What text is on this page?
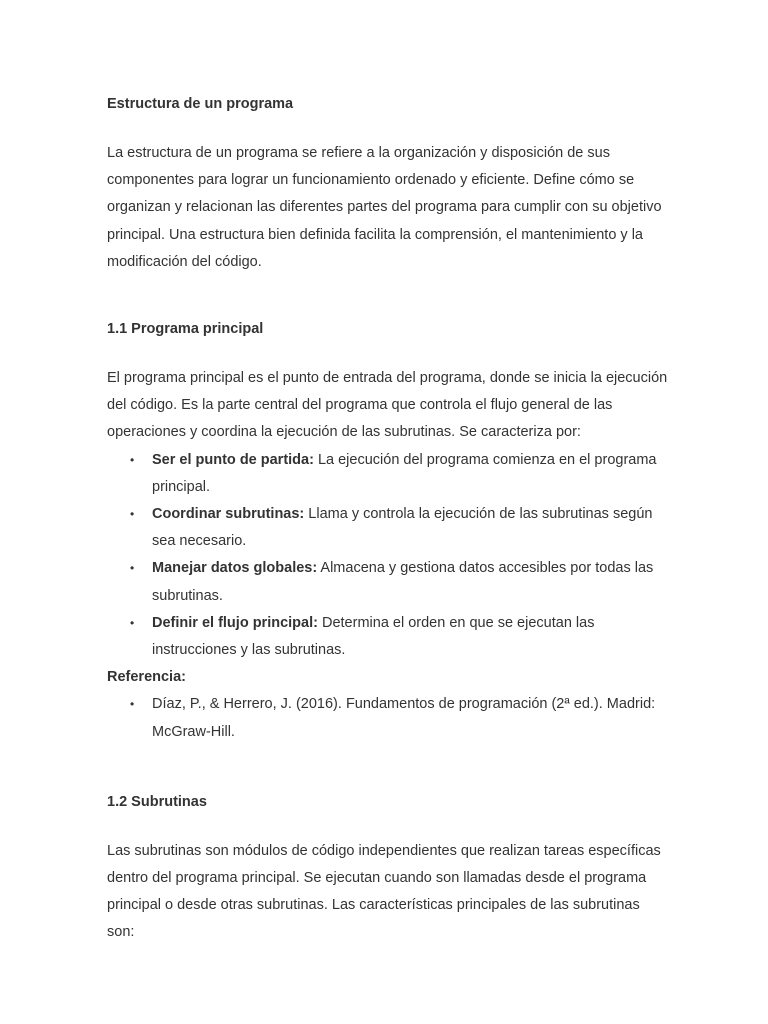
Estructura de un programa

La estructura de un programa se refiere a la organización y disposición de sus componentes para lograr un funcionamiento ordenado y eficiente. Define cómo se organizan y relacionan las diferentes partes del programa para cumplir con su objetivo principal. Una estructura bien definida facilita la comprensión, el mantenimiento y la modificación del código.

1.1 Programa principal

El programa principal es el punto de entrada del programa, donde se inicia la ejecución del código. Es la parte central del programa que controla el flujo general de las operaciones y coordina la ejecución de las subrutinas. Se caracteriza por:

• Ser el punto de partida: La ejecución del programa comienza en el programa principal.
• Coordinar subrutinas: Llama y controla la ejecución de las subrutinas según sea necesario.
• Manejar datos globales: Almacena y gestiona datos accesibles por todas las subrutinas.
• Definir el flujo principal: Determina el orden en que se ejecutan las instrucciones y las subrutinas.

Referencia:

• Díaz, P., & Herrero, J. (2016). Fundamentos de programación (2ª ed.). Madrid: McGraw-Hill.
1.2 Subrutinas

Las subrutinas son módulos de código independientes que realizan tareas específicas dentro del programa principal. Se ejecutan cuando son llamadas desde el programa principal o desde otras subrutinas. Las características principales de las subrutinas son:
